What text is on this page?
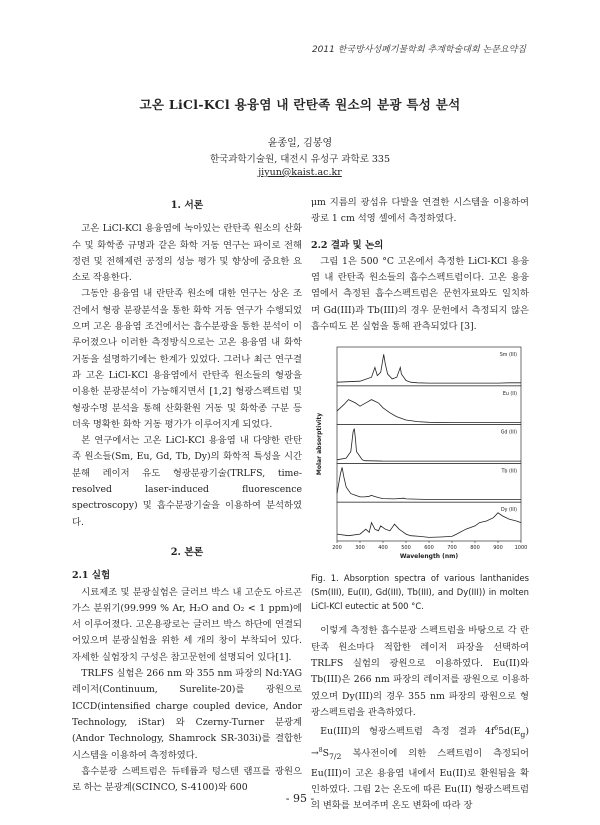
2011 한국방사성폐기물학회 추계학술대회 논문요약집
고온 LiCl-KCl 용융염 내 란탄족 원소의 분광 특성 분석
윤종일, 김봉영
한국과학기술원, 대전시 유성구 과학로 335
jiyun@kaist.ac.kr
1. 서론

고온 LiCl-KCl 용융염에 녹아있는 란탄족 원소의 산화수 및 화학종 규명과 같은 화학 거동 연구는 파이로 전해정련 및 전해제련 공정의 성능 평가 및 향상에 중요한 요소로 작용한다.

그동안 용융염 내 란탄족 원소에 대한 연구는 상온 조건에서 형광 분광분석을 통한 화학 거동 연구가 수행되었으며 고온 용융염 조건에서는 흡수분광을 통한 분석이 이루어졌으나 이러한 측정방식으로는 고온 용융염 내 화학 거동을 설명하기에는 한계가 있었다. 그러나 최근 연구결과 고온 LiCl-KCl 용융염에서 란탄족 원소들의 형광을 이용한 분광분석이 가능해지면서 [1,2] 형광스펙트럼 및 형광수명 분석을 통해 산화환원 거동 및 화학종 구분 등 더욱 명확한 화학 거동 평가가 이루어지게 되었다.

본 연구에서는 고온 LiCl-KCl 용융염 내 다양한 란탄족 원소들(Sm, Eu, Gd, Tb, Dy)의 화학적 특성을 시간분해 레이저 유도 형광분광기술(TRLFS, time-resolved laser-induced fluorescence spectroscopy) 및 흡수분광기술을 이용하여 분석하였다.

2. 본론
2.1 실험

시료제조 및 분광실험은 글러브 박스 내 고순도 아르곤 가스 분위기(99.999 % Ar, H₂O and O₂ < 1 ppm)에서 이루어졌다. 고온용광로는 글러브 박스 하단에 연결되어있으며 분광실험을 위한 세 개의 창이 부착되어 있다. 자세한 실험장치 구성은 참고문헌에 설명되어 있다[1].

TRLFS 실험은 266 nm 와 355 nm 파장의 Nd:YAG 레이저(Continuum, Surelite-20)를 광원으로 ICCD(intensified charge coupled device, Andor Technology, iStar) 와 Czerny-Turner 분광계(Andor Technology, Shamrock SR-303i)를 결합한 시스템을 이용하여 측정하였다.

흡수분광 스펙트럼은 듀테륨과 텅스텐 램프를 광원으로 하는 분광계(SCINCO, S-4100)와 600

μm 지름의 광섬유 다발을 연결한 시스템을 이용하여 광로 1 cm 석영 셀에서 측정하였다.

2.2 결과 및 논의

그림 1은 500 °C 고온에서 측정한 LiCl-KCl 용융염 내 란탄족 원소들의 흡수스펙트럼이다. 고온 용융염에서 측정된 흡수스펙트럼은 문헌자료와도 일치하며 Gd(III)과 Tb(III)의 경우 문헌에서 측정되지 않은 흡수띠도 본 실험을 통해 관측되었다 [3].

Sm (III)
Eu (II)
Gd (III)
Tb (III)
Dy (III)
200	300	400	500	600	700	800	900 1000
Wavelength (nm)
Molar absorptivity
Fig. 1. Absorption spectra of various lanthanides (Sm(III), Eu(II), Gd(III), Tb(III), and Dy(III)) in molten LiCl-KCl eutectic at 500 °C.

이렇게 측정한 흡수분광 스펙트럼을 바탕으로 각 란탄족 원소마다 적합한 레이저 파장을 선택하여 TRLFS 실험의 광원으로 이용하였다. Eu(II)와 Tb(III)은 266 nm 파장의 레이저를 광원으로 이용하였으며 Dy(III)의 경우 355 nm 파장의 광원으로 형광스펙트럼을 관측하였다.

Eu(III)의 형광스펙트럼 측정 결과 $4f^65d(E_g) \to^8S_{7/2}$ 복사전이에 의한 스펙트럼이 측정되어 Eu(III)이 고온 용융염 내에서 Eu(II)로 환원됨을 확인하였다. 그림 2는 온도에 따른 Eu(II) 형광스펙트럼의 변화를 보여주며 온도 변화에 따라 장

- 95 -
